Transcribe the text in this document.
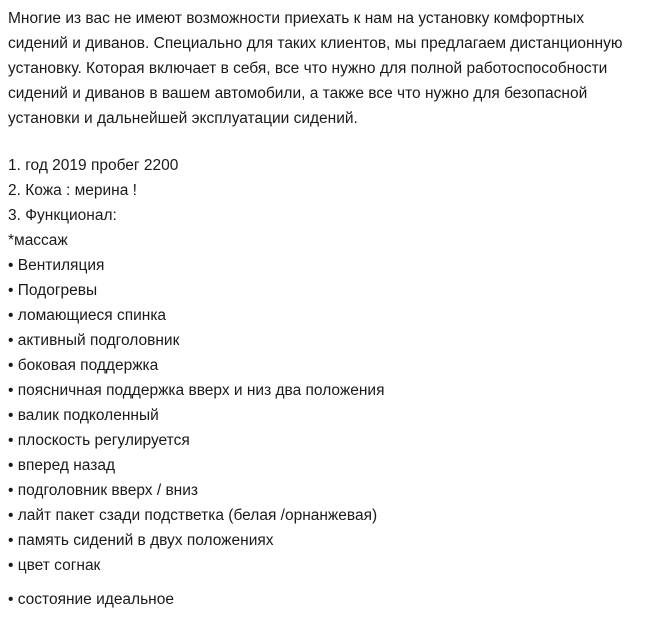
Многие из вас не имеют возможности приехать к нам на установку комфортных
сидений и диванов. Специально для таких клиентов, мы предлагаем дистанционную
установку. Которая включает в себя, все что нужно для полной работоспособности
сидений и диванов в вашем автомобили, а также все что нужно для безопасной
установки и дальнейшей эксплуатации сидений.

1. год 2019 пробег 2200
2. Кожа : мерина !
3. Функционал:
*массаж
• Вентиляция
• Подогревы
• ломающиеся спинка
• активный подголовник
• боковая поддержка
• поясничная поддержка вверх и низ два положения
• валик подколенный
• плоскость регулируется
• вперед назад
• подголовник вверх / вниз
• лайт пакет сзади подстветка (белая /орнанжевая)
• память сидений в двух положениях
• цвет согнак
• состояние идеальное
